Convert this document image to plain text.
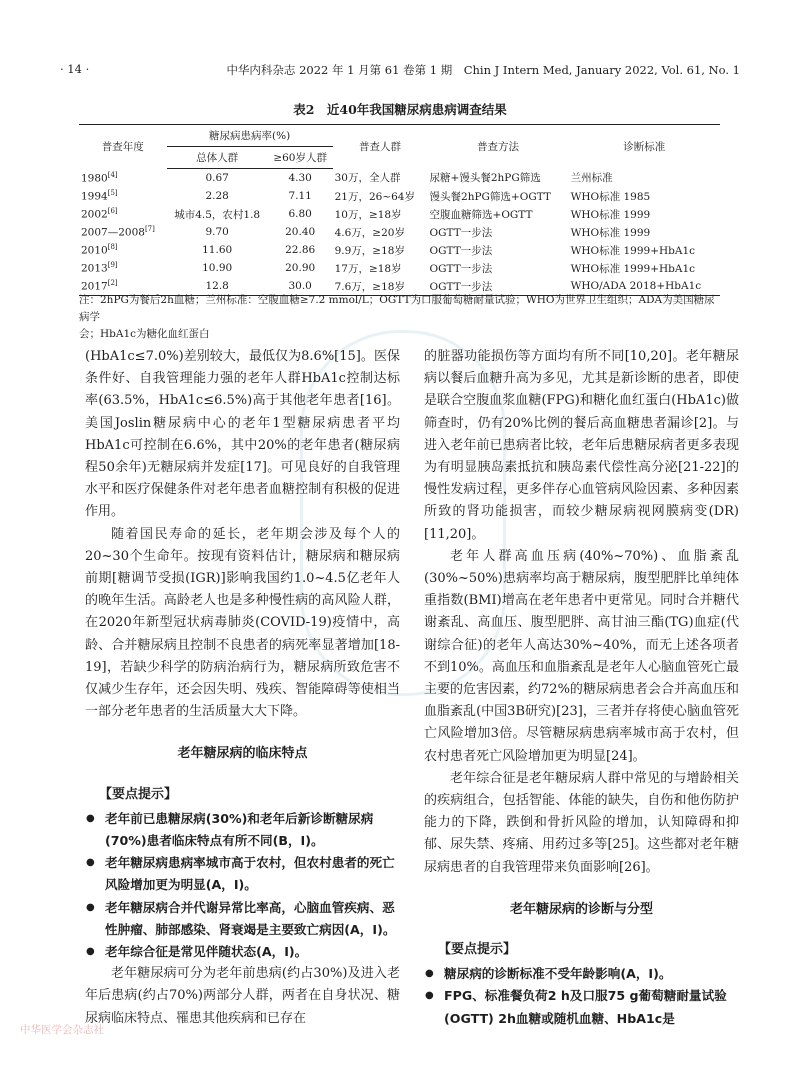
· 14 ·	中华内科杂志 2022 年 1 月第 61 卷第 1 期　Chin J Intern Med, January 2022, Vol. 61, No. 1
表2　近40年我国糖尿病患病调查结果
普查年度	糖尿病患病率(%)		普查人群	普查方法	诊断标准
	总体人群	≥60岁人群			
1980[4]	0.67	4.30	30万，全人群	尿糖+馒头餐2hPG筛选	兰州标准
1994[5]	2.28	7.11	21万，26~64岁	馒头餐2hPG筛选+OGTT	WHO标准 1985
2002[6]	城市4.5，农村1.8	6.80	10万，≥18岁	空腹血糖筛选+OGTT	WHO标准 1999
2007—2008[7]	9.70	20.40	4.6万，≥20岁	OGTT一步法	WHO标准 1999
2010[8]	11.60	22.86	9.9万，≥18岁	OGTT一步法	WHO标准 1999+HbA1c
2013[9]	10.90	20.90	17万，≥18岁	OGTT一步法	WHO标准 1999+HbA1c
2017[2]	12.8	30.0	7.6万，≥18岁	OGTT一步法	WHO/ADA 2018+HbA1c
注：2hPG为餐后2h血糖；兰州标准：空腹血糖≥7.2 mmol/L；OGTT为口服葡萄糖耐量试验；WHO为世界卫生组织；ADA为美国糖尿病学
会；HbA1c为糖化血红蛋白

(HbA1c≤7.0%)差别较大，最低仅为8.6%[15]。医保条件好、自我管理能力强的老年人群HbA1c控制达标率(63.5%，HbA1c≤6.5%)高于其他老年患者[16]。美国Joslin糖尿病中心的老年1型糖尿病患者平均HbA1c可控制在6.6%，其中20%的老年患者(糖尿病程50余年)无糖尿病并发症[17]。可见良好的自我管理水平和医疗保健条件对老年患者血糖控制有积极的促进作用。

随着国民寿命的延长，老年期会涉及每个人的20~30个生命年。按现有资料估计，糖尿病和糖尿病前期[糖调节受损(IGR)]影响我国约1.0~4.5亿老年人的晚年生活。高龄老人也是多种慢性病的高风险人群，在2020年新型冠状病毒肺炎(COVID-19)疫情中，高龄、合并糖尿病且控制不良患者的病死率显著增加[18-19]，若缺少科学的防病治病行为，糖尿病所致危害不仅减少生存年，还会因失明、残疾、智能障碍等使相当一部分老年患者的生活质量大大下降。

老年糖尿病的临床特点
【要点提示】
● 老年前已患糖尿病(30%)和老年后新诊断糖尿病(70%)患者临床特点有所不同(B，Ⅰ)。
● 老年糖尿病患病率城市高于农村，但农村患者的死亡风险增加更为明显(A，Ⅰ)。
● 老年糖尿病合并代谢异常比率高，心脑血管疾病、恶性肿瘤、肺部感染、肾衰竭是主要致亡病因(A，Ⅰ)。
● 老年综合征是常见伴随状态(A，Ⅰ)。

老年糖尿病可分为老年前患病(约占30%)及进入老年后患病(约占70%)两部分人群，两者在自身状况、糖尿病临床特点、罹患其他疾病和已存在

的脏器功能损伤等方面均有所不同[10,20]。老年糖尿病以餐后血糖升高为多见，尤其是新诊断的患者，即使是联合空腹血浆血糖(FPG)和糖化血红蛋白(HbA1c)做筛查时，仍有20%比例的餐后高血糖患者漏诊[2]。与进入老年前已患病者比较，老年后患糖尿病者更多表现为有明显胰岛素抵抗和胰岛素代偿性高分泌[21-22]的慢性发病过程，更多伴存心血管病风险因素、多种因素所致的肾功能损害，而较少糖尿病视网膜病变(DR)[11,20]。

老年人群高血压病(40%~70%)、血脂紊乱(30%~50%)患病率均高于糖尿病，腹型肥胖比单纯体重指数(BMI)增高在老年患者中更常见。同时合并糖代谢紊乱、高血压、腹型肥胖、高甘油三酯(TG)血症(代谢综合征)的老年人高达30%~40%，而无上述各项者不到10%。高血压和血脂紊乱是老年人心脑血管死亡最主要的危害因素，约72%的糖尿病患者会合并高血压和血脂紊乱(中国3B研究)[23]，三者并存将使心脑血管死亡风险增加3倍。尽管糖尿病患病率城市高于农村，但农村患者死亡风险增加更为明显[24]。

老年综合征是老年糖尿病人群中常见的与增龄相关的疾病组合，包括智能、体能的缺失，自伤和他伤防护能力的下降，跌倒和骨折风险的增加，认知障碍和抑郁、尿失禁、疼痛、用药过多等[25]。这些都对老年糖尿病患者的自我管理带来负面影响[26]。

老年糖尿病的诊断与分型
【要点提示】
● 糖尿病的诊断标准不受年龄影响(A，Ⅰ)。
● FPG、标准餐负荷2 h及口服75 g葡萄糖耐量试验(OGTT) 2h血糖或随机血糖、HbA1c是
中华医学会杂志社
